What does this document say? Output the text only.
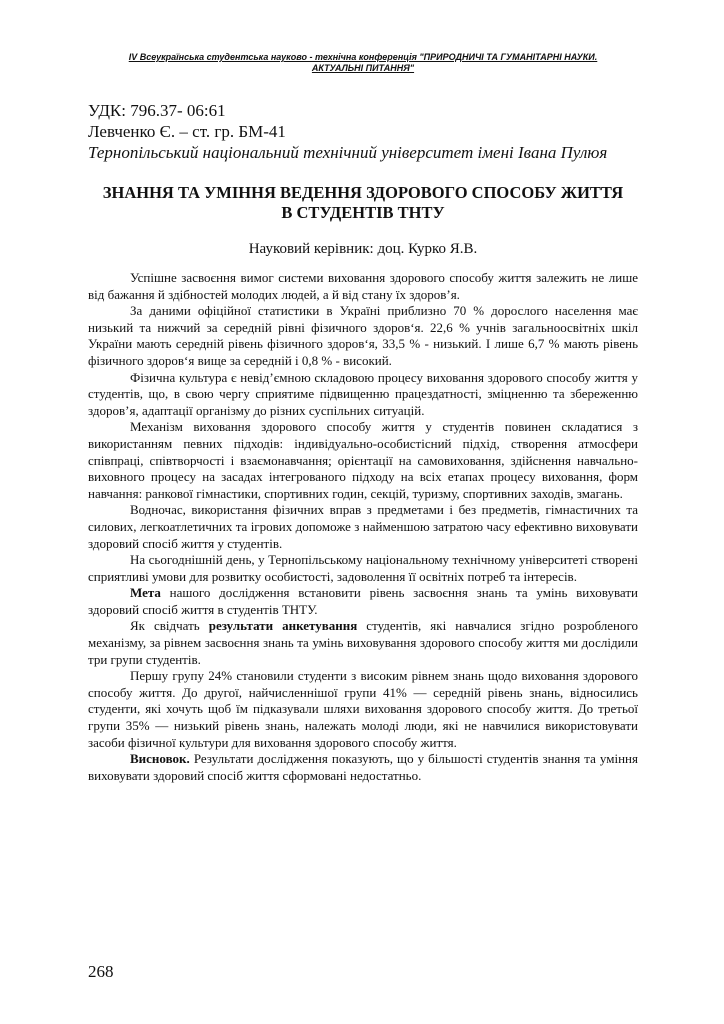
IV Всеукраїнська студентська науково - технічна конференція "ПРИРОДНИЧІ ТА ГУМАНІТАРНІ НАУКИ.
АКТУАЛЬНІ ПИТАННЯ"

УДК: 796.37- 06:61

Левченко Є. – ст. гр. БМ-41

Тернопільський національний технічний університет імені Івана Пулюя

ЗНАННЯ ТА УМІННЯ ВЕДЕННЯ ЗДОРОВОГО СПОСОБУ ЖИТТЯ
В СТУДЕНТІВ ТНТУ

Науковий керівник: доц. Курко Я.В.

Успішне засвоєння вимог системи виховання здорового способу життя залежить не лише від бажання й здібностей молодих людей, а й від стану їх здоров’я.

За даними офіційної статистики в Україні приблизно 70 % дорослого населення має низький та нижчий за середній рівні фізичного здоров‘я. 22,6 % учнів загальноосвітніх шкіл України мають середній рівень фізичного здоров‘я, 33,5 % - низький. І лише 6,7 % мають рівень фізичного здоров‘я вище за середній і 0,8 % - високий.

Фізична культура є невід’ємною складовою процесу виховання здорового способу життя у студентів, що, в свою чергу сприятиме підвищенню працездатності, зміцненню та збереженню здоров’я, адаптації організму до різних суспільних ситуацій.

Механізм виховання здорового способу життя у студентів повинен складатися з використанням певних підходів: індивідуально-особистісний підхід, створення атмосфери співпраці, співтворчості і взаємонавчання; орієнтації на самовиховання, здійснення навчально-виховного процесу на засадах інтегрованого підходу на всіх етапах процесу виховання, форм навчання: ранкової гімнастики, спортивних годин, секцій, туризму, спортивних заходів, змагань.

Водночас, використання фізичних вправ з предметами і без предметів, гімнастичних та силових, легкоатлетичних та ігрових допоможе з найменшою затратою часу ефективно виховувати здоровий спосіб життя у студентів.

На сьогоднішній день, у Тернопільському національному технічному університеті створені сприятливі умови для розвитку особистості, задоволення її освітніх потреб та інтересів.

Мета нашого дослідження встановити рівень засвоєння знань та умінь виховувати здоровий спосіб життя в студентів ТНТУ.

Як свідчать результати анкетування студентів, які навчалися згідно розробленого механізму, за рівнем засвоєння знань та умінь виховування здорового способу життя ми дослідили три групи студентів.

Першу групу 24% становили студенти з високим рівнем знань щодо виховання здорового способу життя. До другої, найчисленнішої групи 41% — середній рівень знань, відносились студенти, які хочуть щоб їм підказували шляхи виховання здорового способу життя. До третьої групи 35% — низький рівень знань, належать молоді люди, які не навчилися використовувати засоби фізичної культури для виховання здорового способу життя.

Висновок. Результати дослідження показують, що у більшості студентів знання та уміння виховувати здоровий спосіб життя сформовані недостатньо.

268
